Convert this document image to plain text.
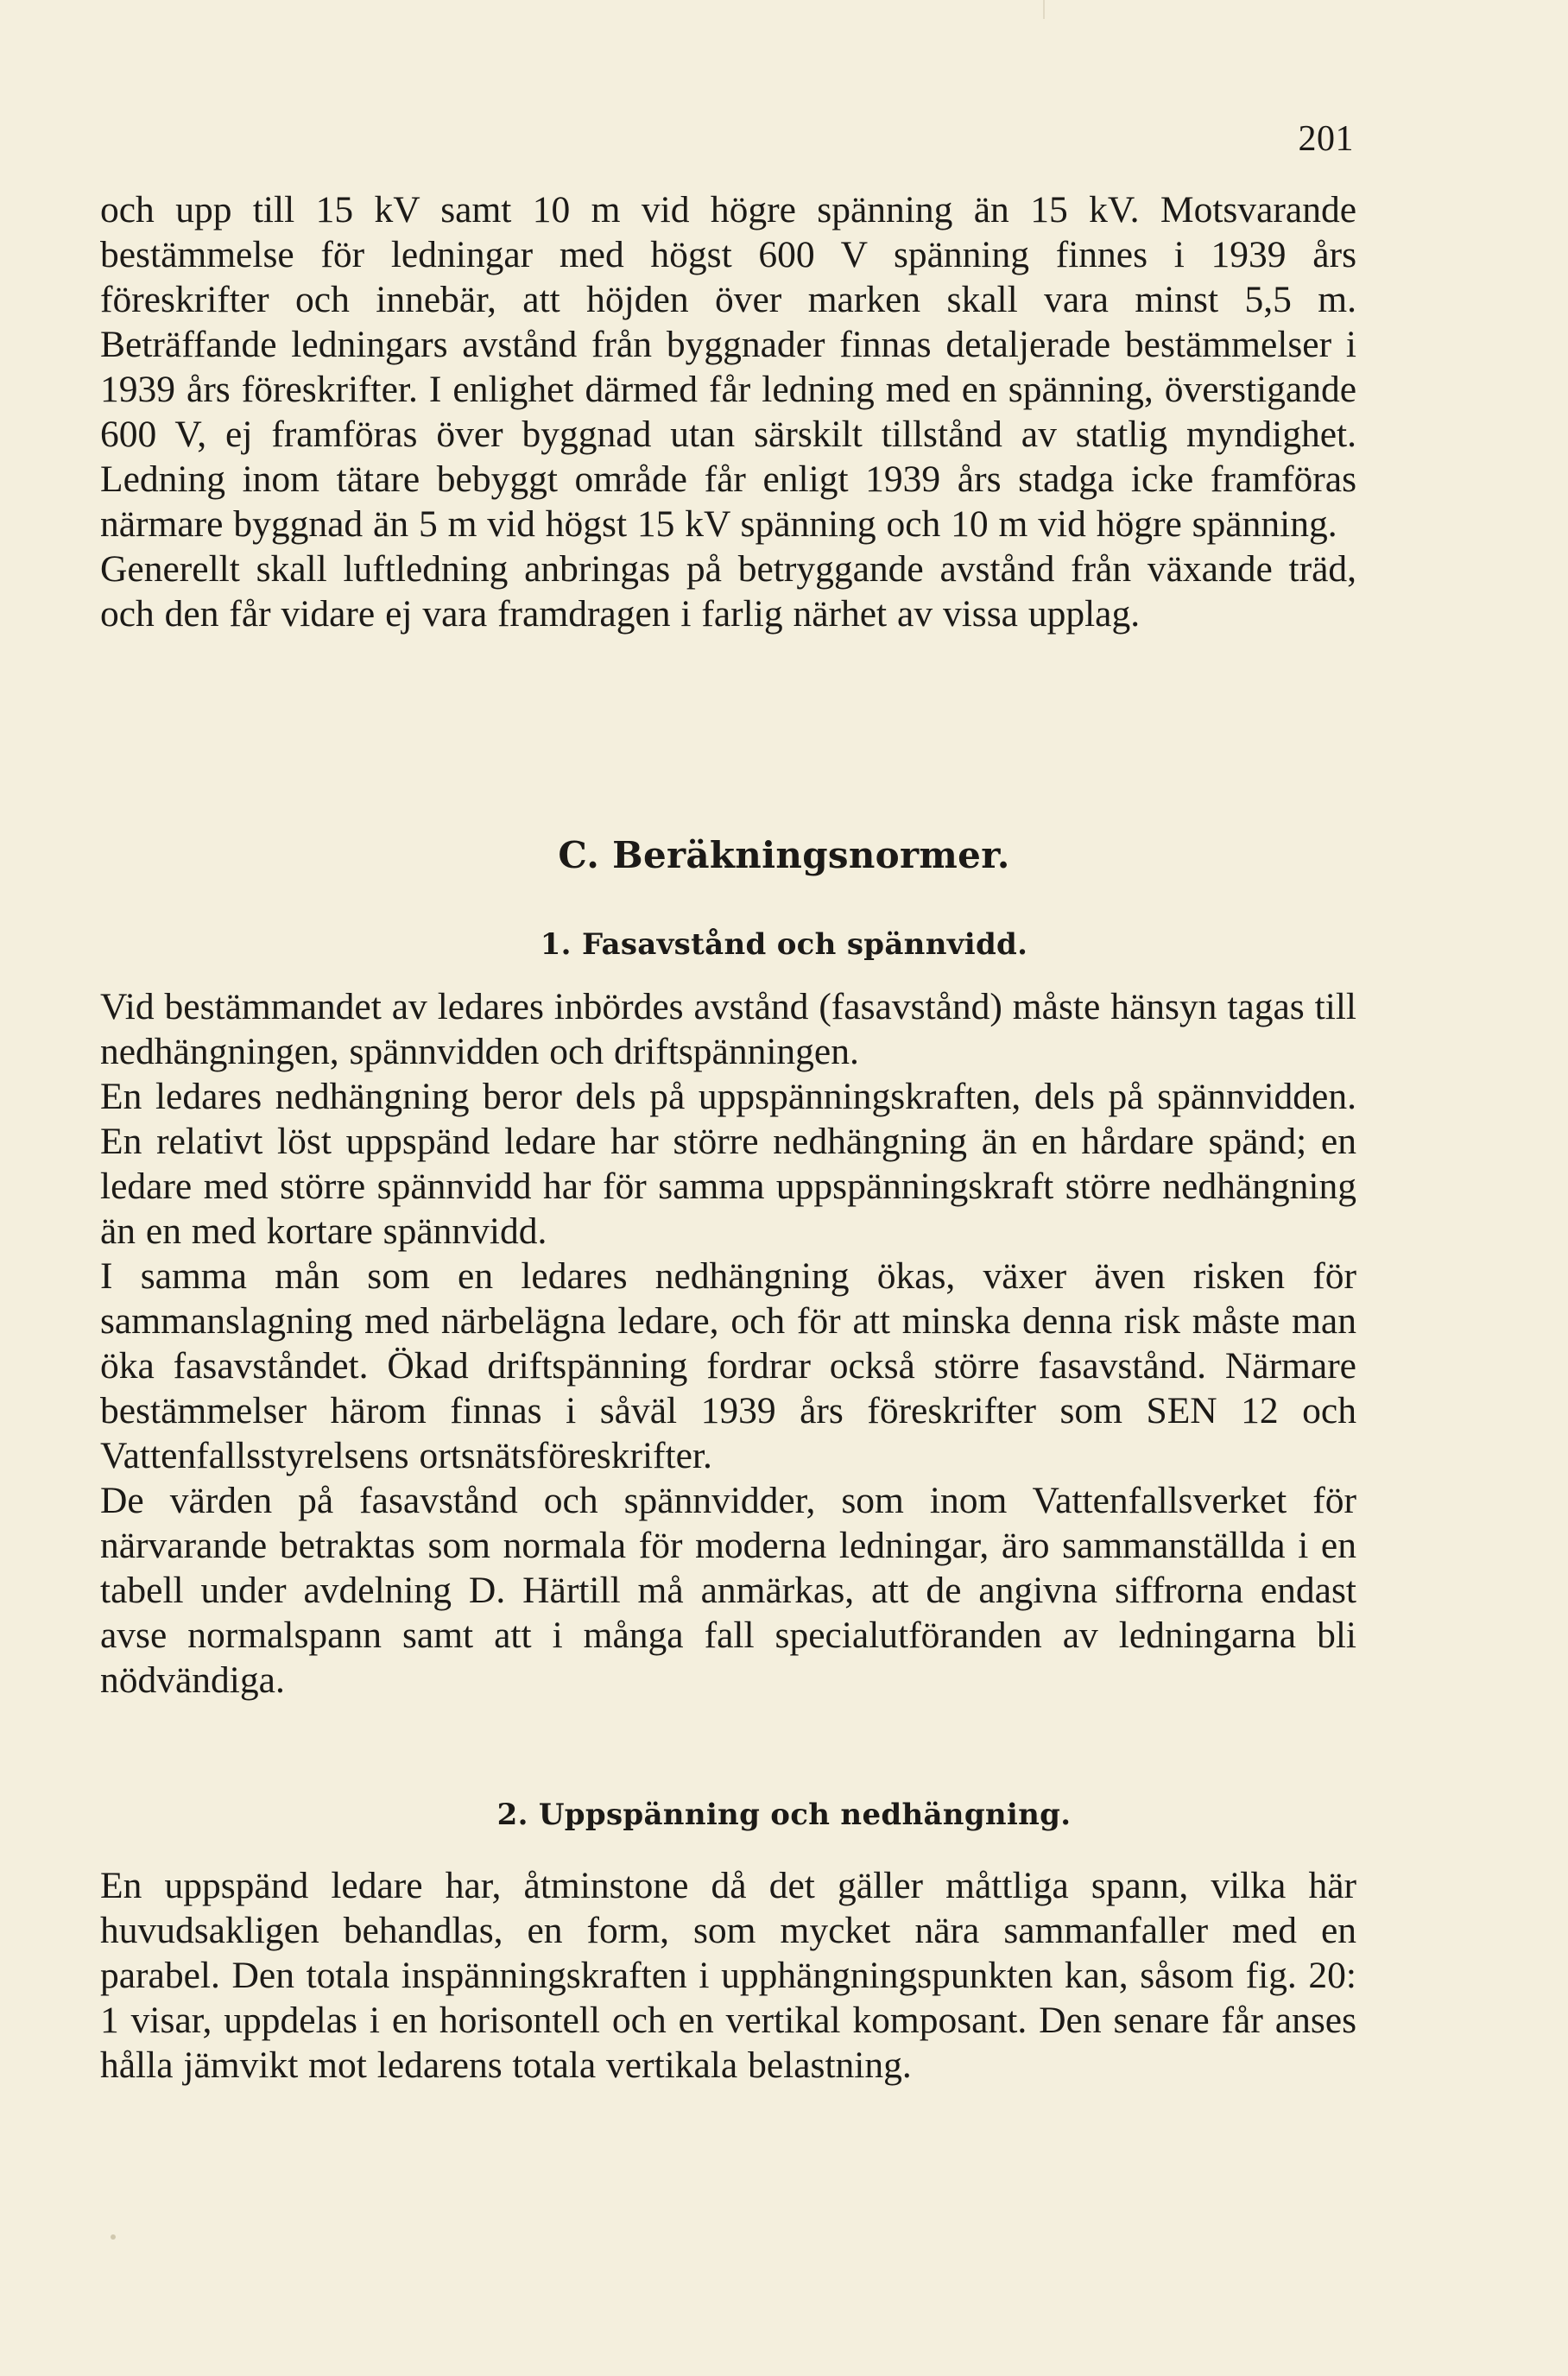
201

och upp till 15 kV samt 10 m vid högre spänning än 15 kV. Motsvarande bestämmelse för ledningar med högst 600 V spänning finnes i 1939 års föreskrifter och innebär, att höjden över marken skall vara minst 5,5 m. Beträffande ledningars avstånd från byggnader finnas detaljerade bestämmelser i 1939 års föreskrifter. I enlighet därmed får ledning med en spänning, överstigande 600 V, ej framföras över byggnad utan särskilt tillstånd av statlig myndighet. Ledning inom tätare bebyggt område får enligt 1939 års stadga icke framföras närmare byggnad än 5 m vid högst 15 kV spänning och 10 m vid högre spänning.

Generellt skall luftledning anbringas på betryggande avstånd från växande träd, och den får vidare ej vara framdragen i farlig närhet av vissa upplag.

C. Beräkningsnormer.
1. Fasavstånd och spännvidd.

Vid bestämmandet av ledares inbördes avstånd (fasavstånd) måste hänsyn tagas till nedhängningen, spännvidden och driftspänningen.

En ledares nedhängning beror dels på uppspänningskraften, dels på spännvidden. En relativt löst uppspänd ledare har större nedhängning än en hårdare spänd; en ledare med större spännvidd har för samma uppspänningskraft större nedhängning än en med kortare spännvidd.

I samma mån som en ledares nedhängning ökas, växer även risken för sammanslagning med närbelägna ledare, och för att minska denna risk måste man öka fasavståndet. Ökad driftspänning fordrar också större fasavstånd. Närmare bestämmelser härom finnas i såväl 1939 års föreskrifter som SEN 12 och Vattenfallsstyrelsens ortsnätsföreskrifter.

De värden på fasavstånd och spännvidder, som inom Vattenfallsverket för närvarande betraktas som normala för moderna ledningar, äro sammanställda i en tabell under avdelning D. Härtill må anmärkas, att de angivna siffrorna endast avse normalspann samt att i många fall specialutföranden av ledningarna bli nödvändiga.

2. Uppspänning och nedhängning.

En uppspänd ledare har, åtminstone då det gäller måttliga spann, vilka här huvudsakligen behandlas, en form, som mycket nära sammanfaller med en parabel. Den totala inspänningskraften i upphängningspunkten kan, såsom fig. 20: 1 visar, uppdelas i en horisontell och en vertikal komposant. Den senare får anses hålla jämvikt mot ledarens totala vertikala belastning.
